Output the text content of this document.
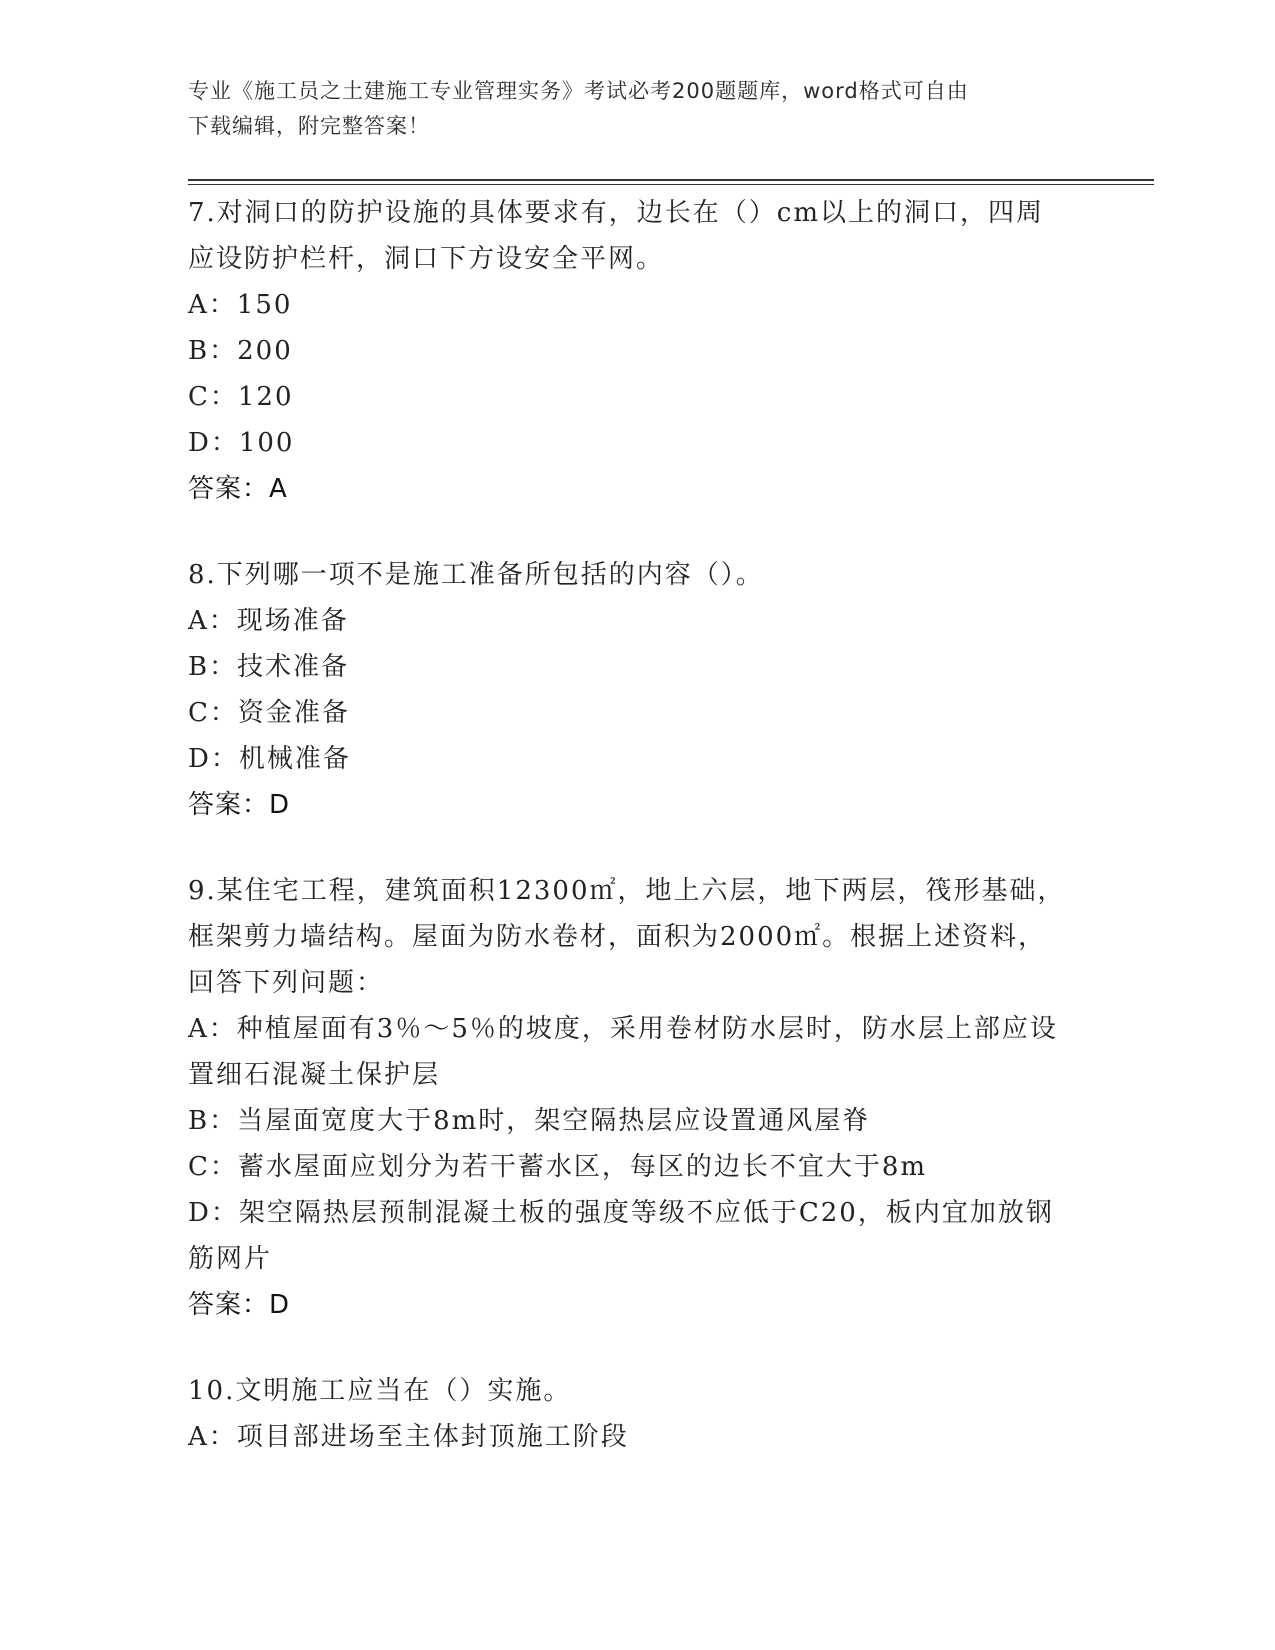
专业《施工员之土建施工专业管理实务》考试必考200题题库，word格式可自由
下载编辑，附完整答案！
7.对洞口的防护设施的具体要求有，边长在（）cm以上的洞口，四周
应设防护栏杆，洞口下方设安全平网。
A：150
B：200
C：120
D：100
答案：A
8.下列哪一项不是施工准备所包括的内容（）。
A：现场准备
B：技术准备
C：资金准备
D：机械准备
答案：D
9.某住宅工程，建筑面积12300㎡，地上六层，地下两层，筏形基础，
框架剪力墙结构。屋面为防水卷材，面积为2000㎡。根据上述资料，
回答下列问题：
A：种植屋面有3％～5％的坡度，采用卷材防水层时，防水层上部应设
置细石混凝土保护层
B：当屋面宽度大于8m时，架空隔热层应设置通风屋脊
C：蓄水屋面应划分为若干蓄水区，每区的边长不宜大于8m
D：架空隔热层预制混凝土板的强度等级不应低于C20，板内宜加放钢
筋网片
答案：D
10.文明施工应当在（）实施。
A：项目部进场至主体封顶施工阶段
